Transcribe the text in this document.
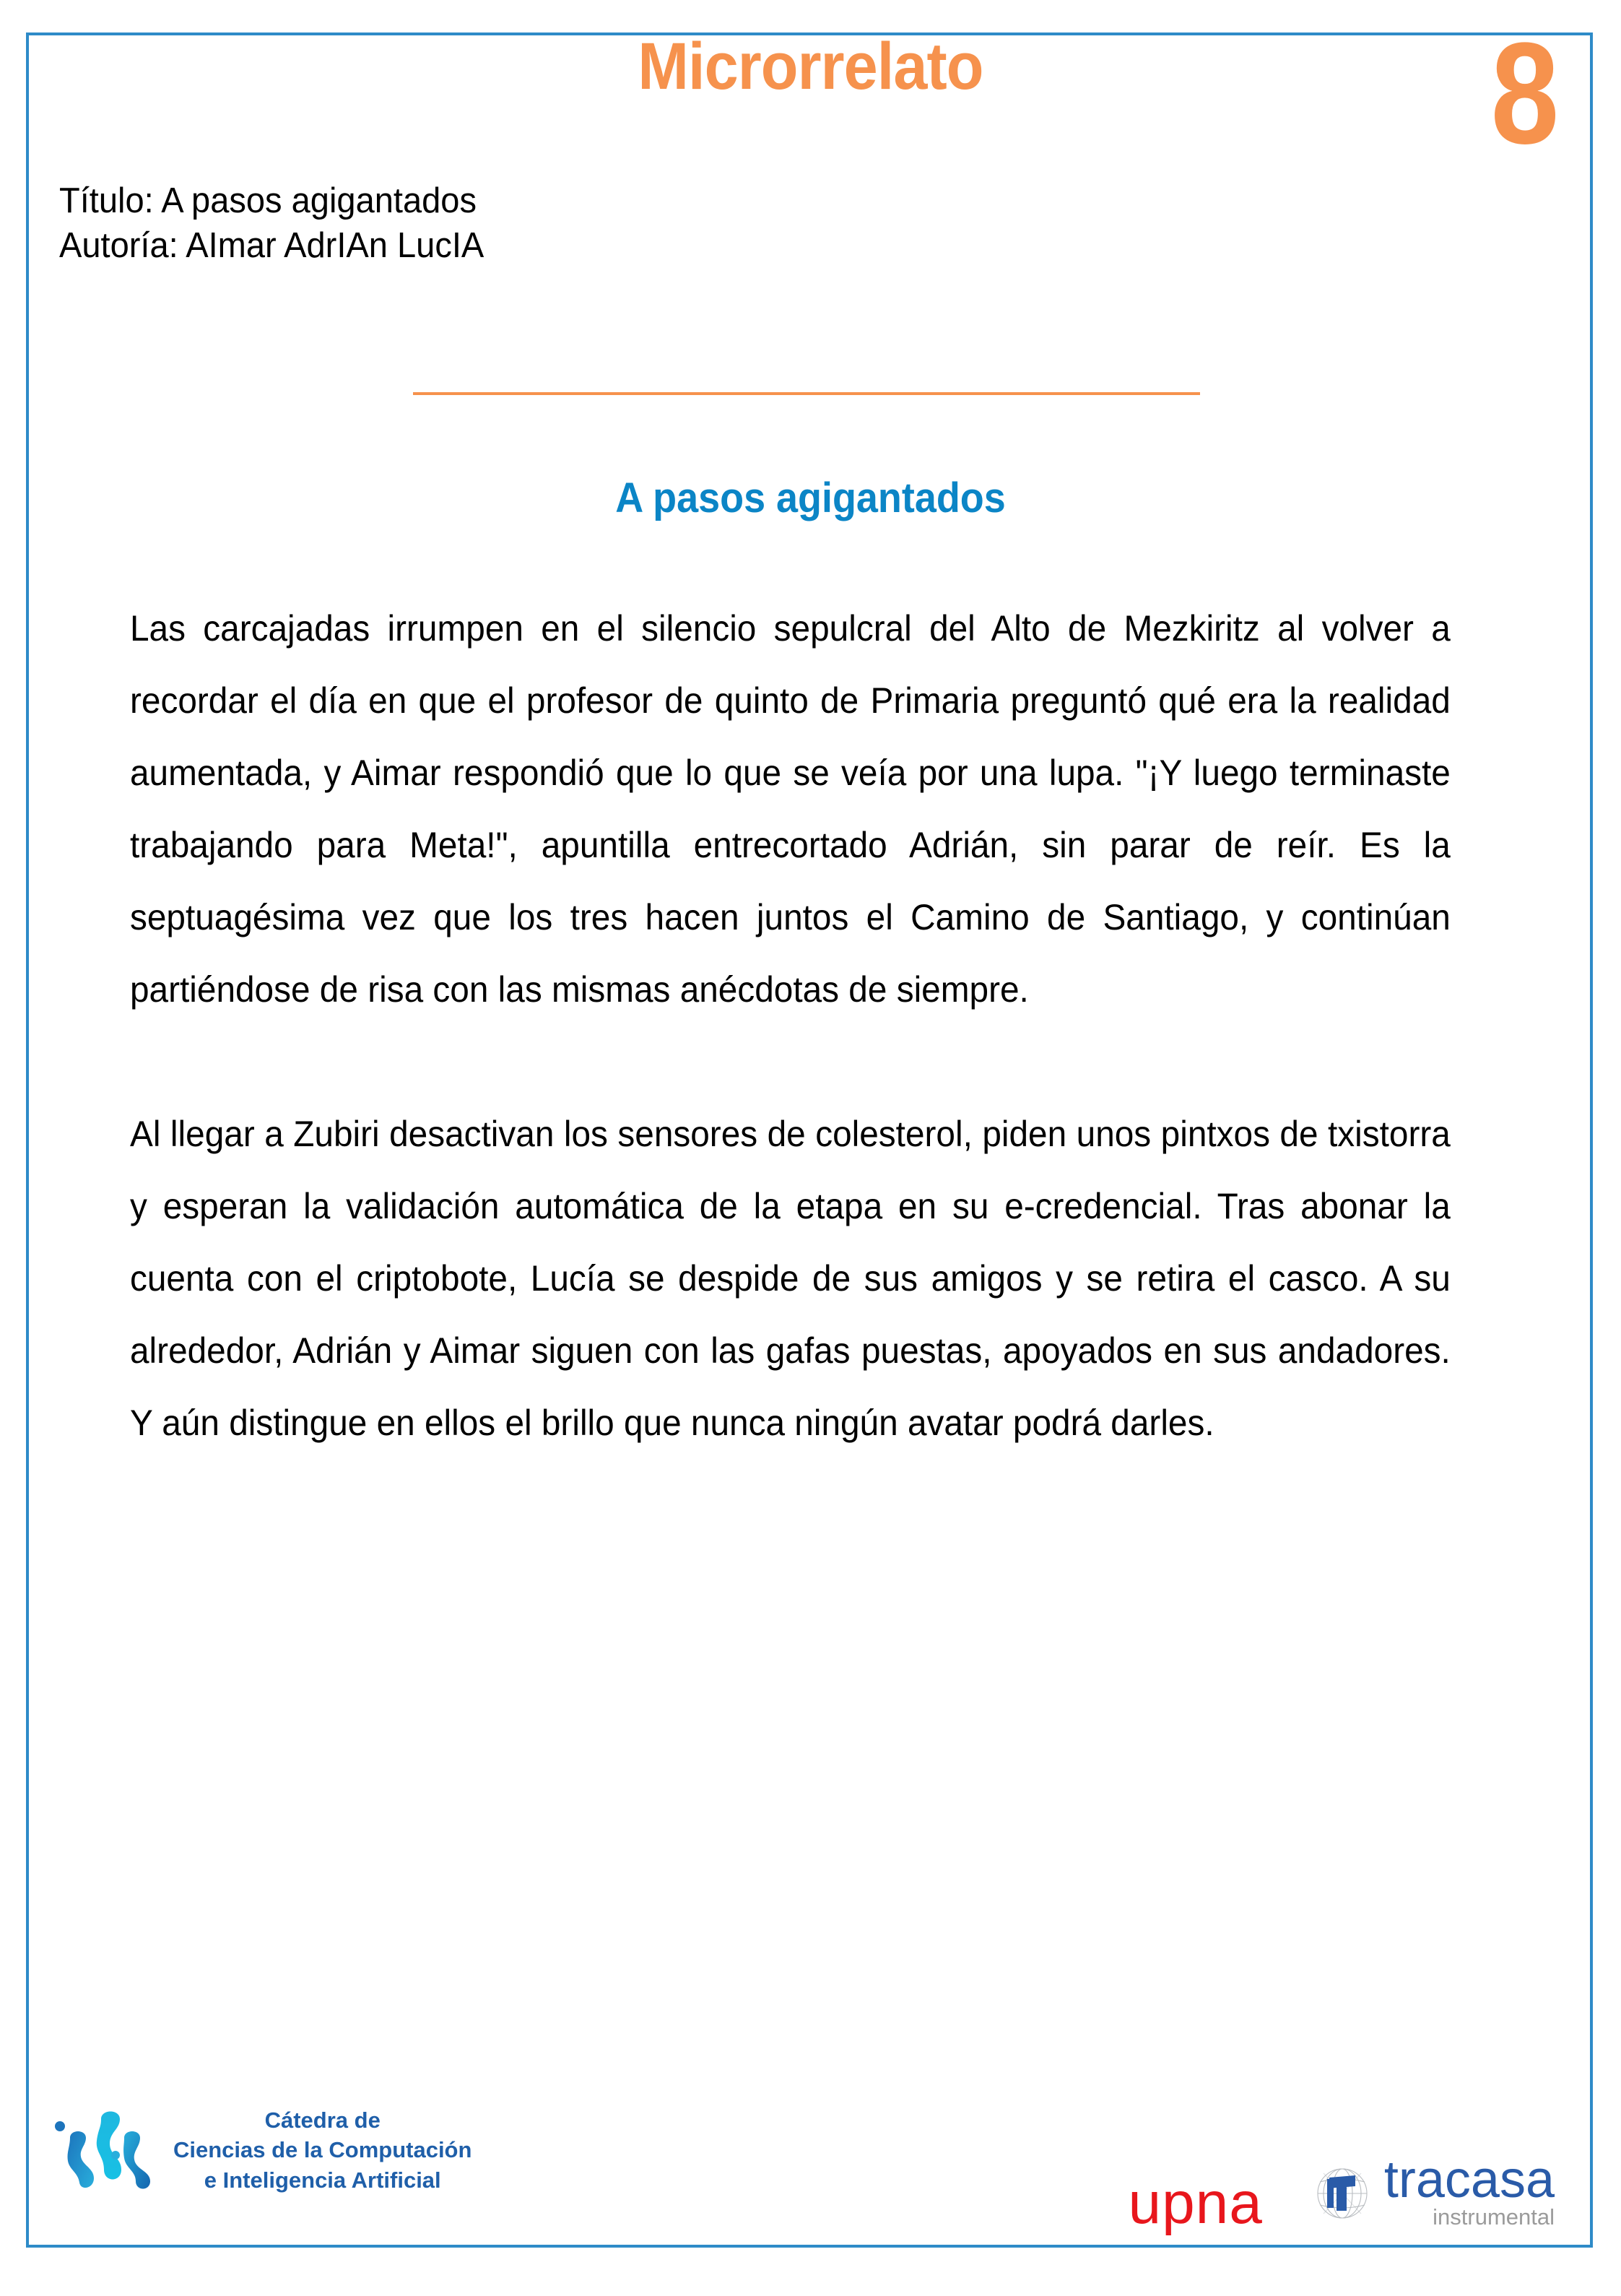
Microrrelato	8
Título: A pasos agigantados
Autoría: AImar AdrIAn LucIA
A pasos agigantados

Las carcajadas irrumpen en el silencio sepulcral del Alto de Mezkiritz al volver a recordar el día en que el profesor de quinto de Primaria preguntó qué era la realidad aumentada, y Aimar respondió que lo que se veía por una lupa. "¡Y luego terminaste trabajando para Meta!", apuntilla entrecortado Adrián, sin parar de reír. Es la septuagésima vez que los tres hacen juntos el Camino de Santiago, y continúan partiéndose de risa con las mismas anécdotas de siempre.

Al llegar a Zubiri desactivan los sensores de colesterol, piden unos pintxos de txistorra y esperan la validación automática de la etapa en su e-credencial. Tras abonar la cuenta con el criptobote, Lucía se despide de sus amigos y se retira el casco. A su alrededor, Adrián y Aimar siguen con las gafas puestas, apoyados en sus andadores. Y aún distingue en ellos el brillo que nunca ningún avatar podrá darles.

Cátedra de
Ciencias de la Computación
e Inteligencia Artificial	upna tracasa
instrumental
